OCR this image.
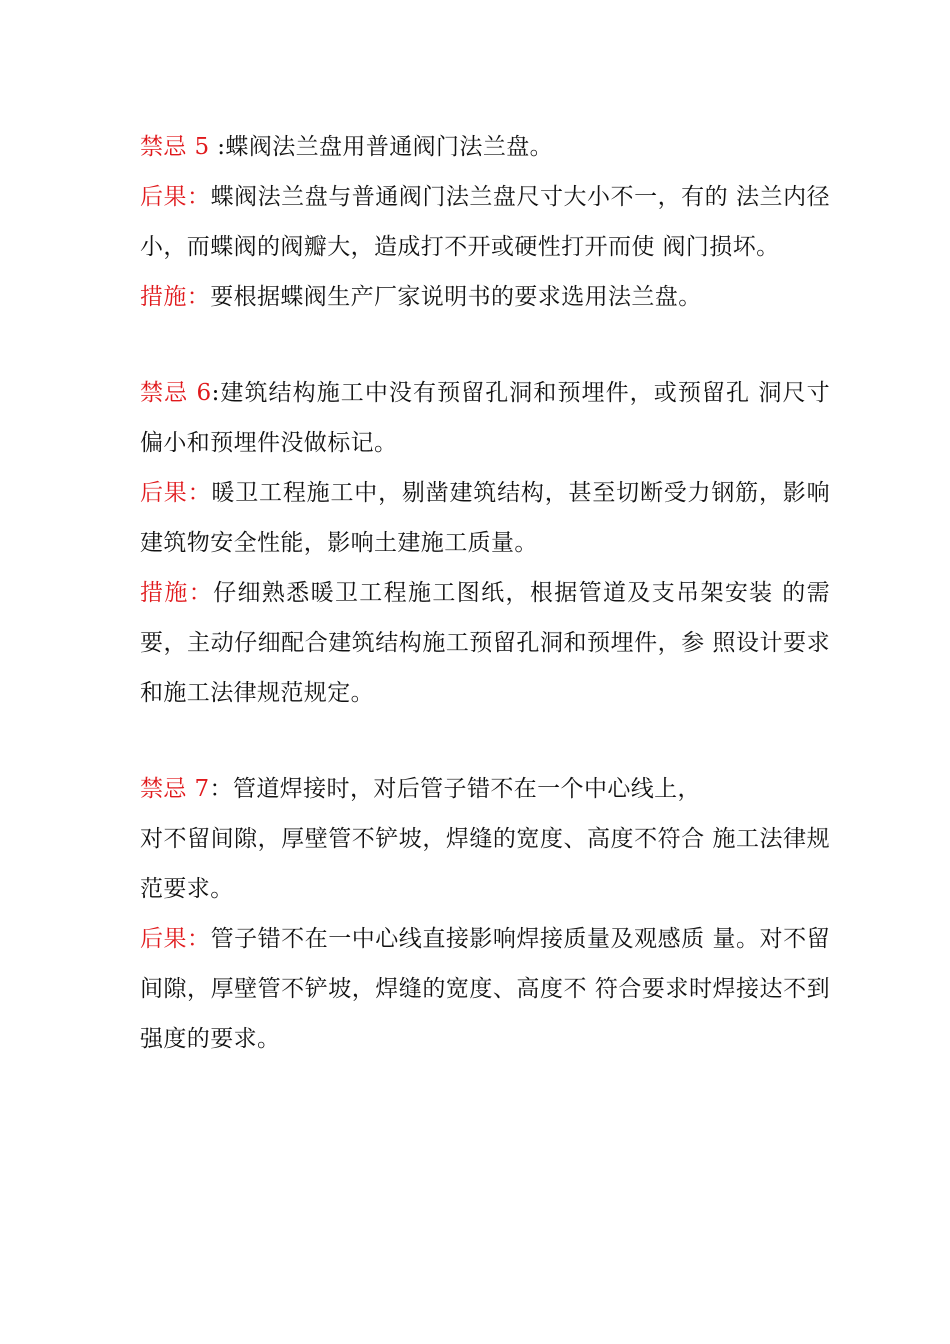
禁忌 5 :蝶阀法兰盘用普通阀门法兰盘。

后果：蝶阀法兰盘与普通阀门法兰盘尺寸大小不一，有的 法兰内径小，而蝶阀的阀瓣大，造成打不开或硬性打开而使 阀门损坏。

措施：要根据蝶阀生产厂家说明书的要求选用法兰盘。

禁忌 6:建筑结构施工中没有预留孔洞和预埋件，或预留孔 洞尺寸偏小和预埋件没做标记。

后果：暖卫工程施工中，剔凿建筑结构，甚至切断受力钢筋，影响建筑物安全性能，影响土建施工质量。

措施：仔细熟悉暖卫工程施工图纸，根据管道及支吊架安装 的需要，主动仔细配合建筑结构施工预留孔洞和预埋件，参 照设计要求和施工法律规范规定。

禁忌 7：管道焊接时，对后管子错不在一个中心线上，

对不留间隙，厚壁管不铲坡，焊缝的宽度、高度不符合 施工法律规范要求。

后果：管子错不在一中心线直接影响焊接质量及观感质 量。对不留间隙，厚壁管不铲坡，焊缝的宽度、高度不 符合要求时焊接达不到强度的要求。
